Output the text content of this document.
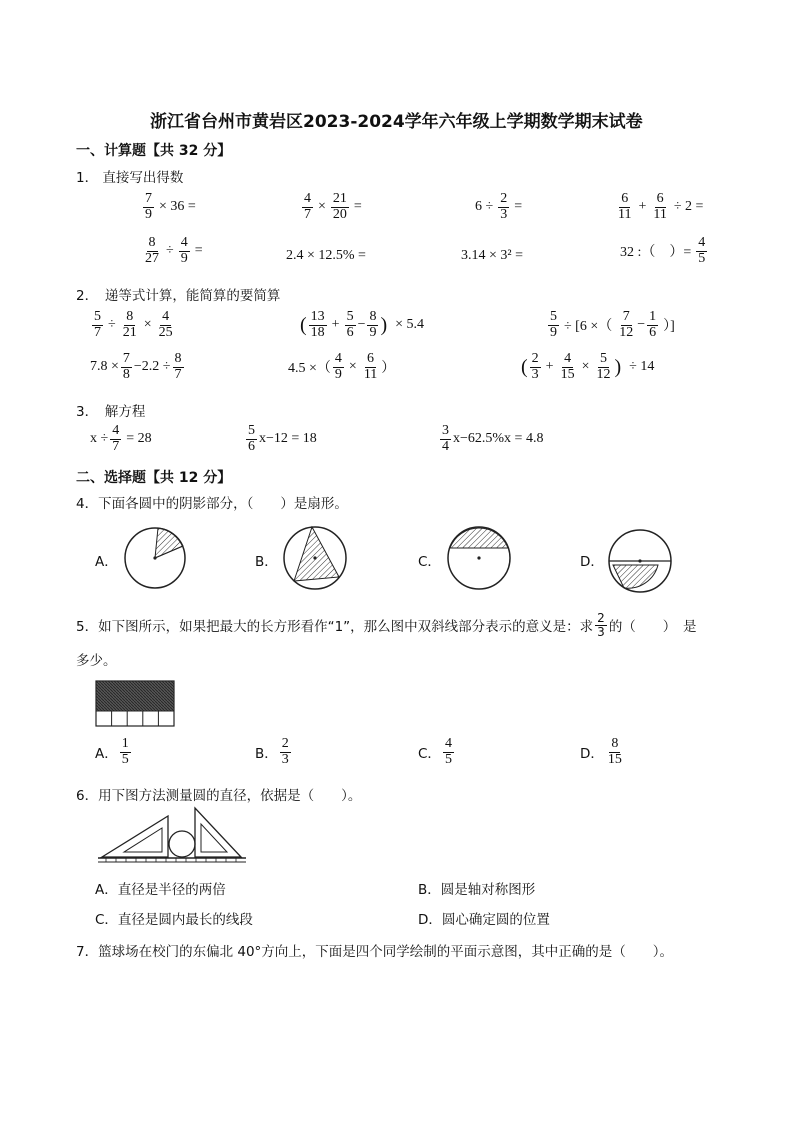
浙江省台州市黄岩区2023-2024学年六年级上学期数学期末试卷
一、计算题【共 32 分】
1． 直接写出得数
$\frac{7}{9} \times 36$ =	$\frac{4}{7} \times \frac{21}{20}$ =	$6 \div \frac{2}{3}$ =	$\frac{6}{11} + \frac{6}{11} \div 2$ =
$\frac{8}{27} \div \frac{4}{9}$ =	2.4 × 12.5% =	3.14 × 3² =	32 :（　）= $\frac{4}{5}$
2．　递等式计算，能简算的要简算
$\frac{5}{7} \div \frac{8}{21} \times \frac{4}{25}$	( $\frac{13}{18} + \frac{5}{6} - \frac{8}{9}$ ) × 5.4	$\frac{5}{9} \div [6$ ×（ $\frac{7}{12} - \frac{1}{6}$ ）]
$7.8 \times \frac{7}{8} -2.2 \div \frac{8}{7}$	4.5 ×（ $\frac{4}{9} \times \frac{6}{11}$ ）	( $\frac{2}{3} + \frac{4}{15} \times \frac{5}{12}$ ) ÷ 14
3．　解方程
$x \div \frac{4}{7} = 28$	$\frac{5}{6} x-12 = 18$	$\frac{3}{4} x-62.5\%x = 4.8$
二、选择题【共 12 分】
4．下面各圆中的阴影部分，（　　）是扇形。
A．	B．	C．	D．
5．如下图所示，如果把最大的长方形看作“1”，那么图中双斜线部分表示的意义是：求 $\frac{2}{3}$ 的（　　）　是
多少。
A． $\frac{1}{5}$	B． $\frac{2}{3}$	C． $\frac{4}{5}$	D． $\frac{8}{15}$
6．用下图方法测量圆的直径，依据是（　　）。
A．直径是半径的两倍	B．圆是轴对称图形
C．直径是圆内最长的线段	D．圆心确定圆的位置
7．篮球场在校门的东偏北 40°方向上，下面是四个同学绘制的平面示意图，其中正确的是（　　）。
